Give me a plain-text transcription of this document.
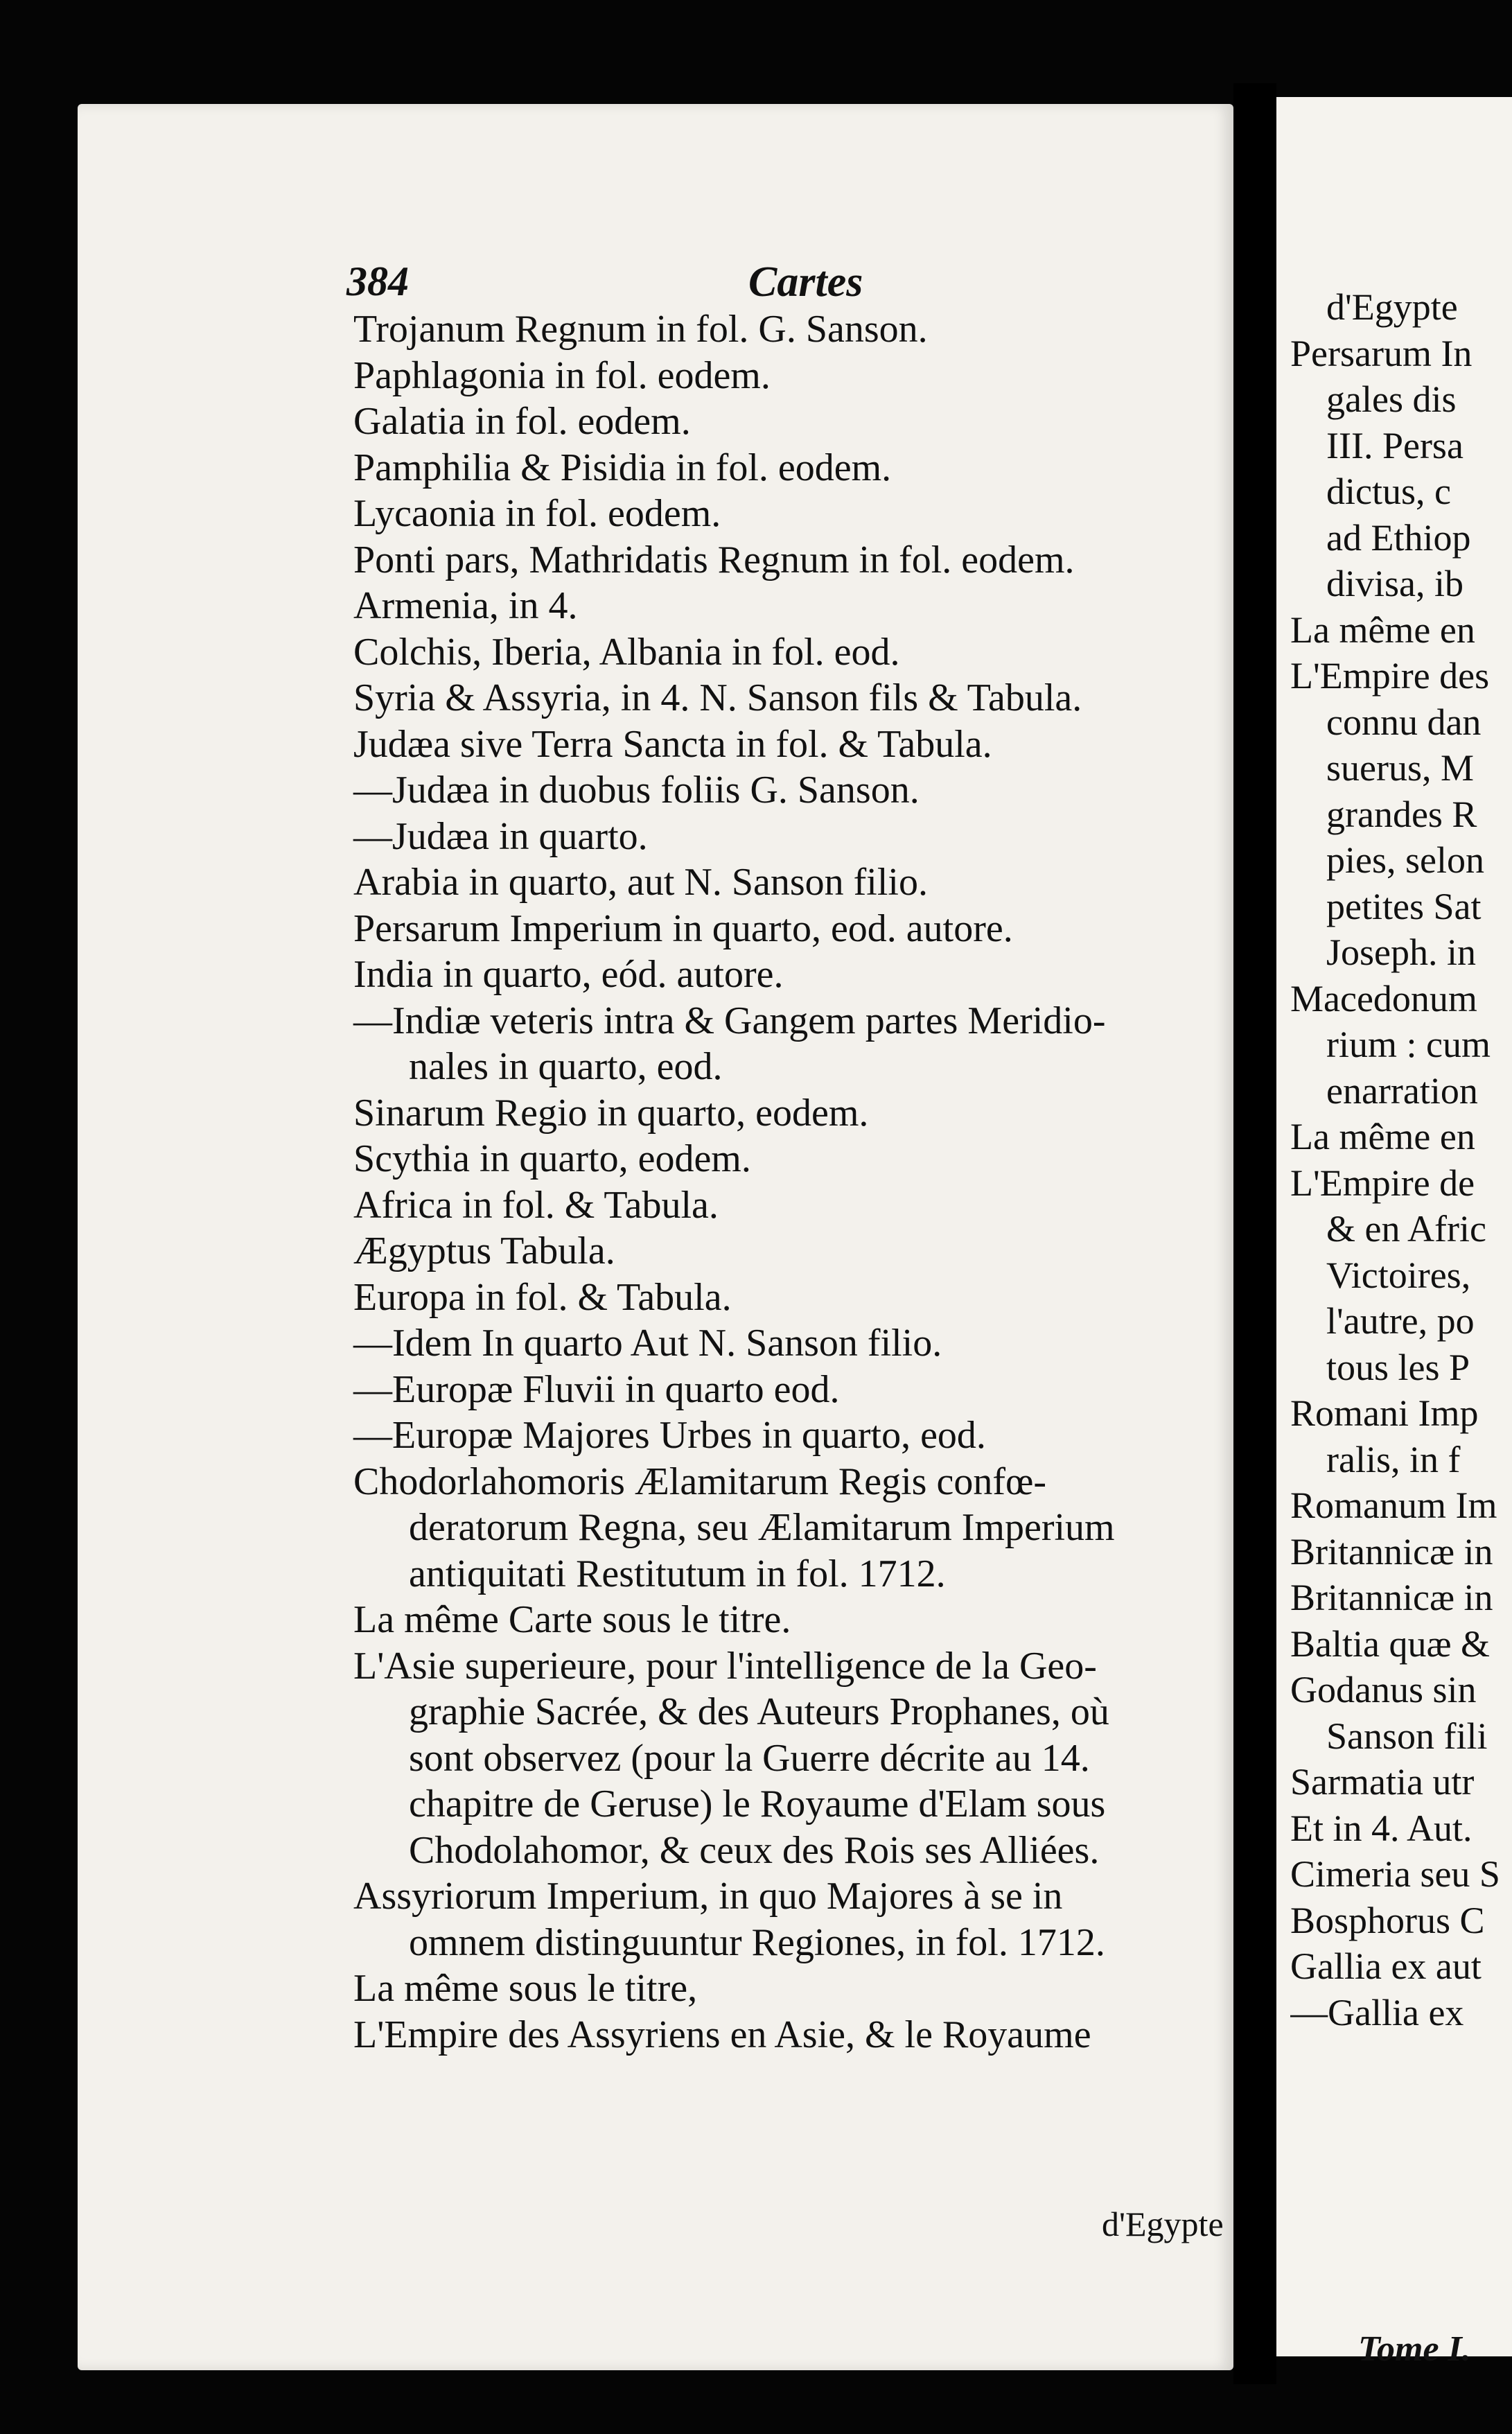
384	Cartes
Trojanum Regnum in fol. G. Sanson.
Paphlagonia in fol. eodem.
Galatia in fol. eodem.
Pamphilia & Pisidia in fol. eodem.
Lycaonia in fol. eodem.
Ponti pars, Mathridatis Regnum in fol. eodem.
Armenia, in 4.
Colchis, Iberia, Albania in fol. eod.
Syria & Assyria, in 4. N. Sanson fils & Tabula.
Judæa sive Terra Sancta in fol. & Tabula.
—Judæa in duobus foliis G. Sanson.
—Judæa in quarto.
Arabia in quarto, aut N. Sanson filio.
Persarum Imperium in quarto, eod. autore.
India in quarto, eód. autore.
—Indiæ veteris intra & Gangem partes Meridio-
nales in quarto, eod.
Sinarum Regio in quarto, eodem.
Scythia in quarto, eodem.
Africa in fol. & Tabula.
Ægyptus Tabula.
Europa in fol. & Tabula.
—Idem In quarto Aut N. Sanson filio.
—Europæ Fluvii in quarto eod.
—Europæ Majores Urbes in quarto, eod.
Chodorlahomoris Ælamitarum Regis confœ-
deratorum Regna, seu Ælamitarum Imperium
antiquitati Restitutum in fol. 1712.
La même Carte sous le titre.
L'Asie superieure, pour l'intelligence de la Geo-
graphie Sacrée, & des Auteurs Prophanes, où
sont observez (pour la Guerre décrite au 14.
chapitre de Geruse) le Royaume d'Elam sous
Chodolahomor, & ceux des Rois ses Alliées.
Assyriorum Imperium, in quo Majores à se in
omnem distinguuntur Regiones, in fol. 1712.
La même sous le titre,
L'Empire des Assyriens en Asie, & le Royaume
d'Egypte
d'Egypte
Persarum In
gales dis
III. Persa
dictus, c
ad Ethiop
divisa, ib
La même en
L'Empire des
connu dan
suerus, M
grandes R
pies, selon
petites Sat
Joseph. in
Macedonum
rium : cum
enarration
La même en
L'Empire de
& en Afric
Victoires,
l'autre, po
tous les P
Romani Imp
ralis, in f
Romanum Im
Britannicæ in
Britannicæ in
Baltia quæ &
Godanus sin
Sanson fili
Sarmatia utr
Et in 4. Aut.
Cimeria seu S
Bosphorus C
Gallia ex aut
—Gallia ex
Tome I.
